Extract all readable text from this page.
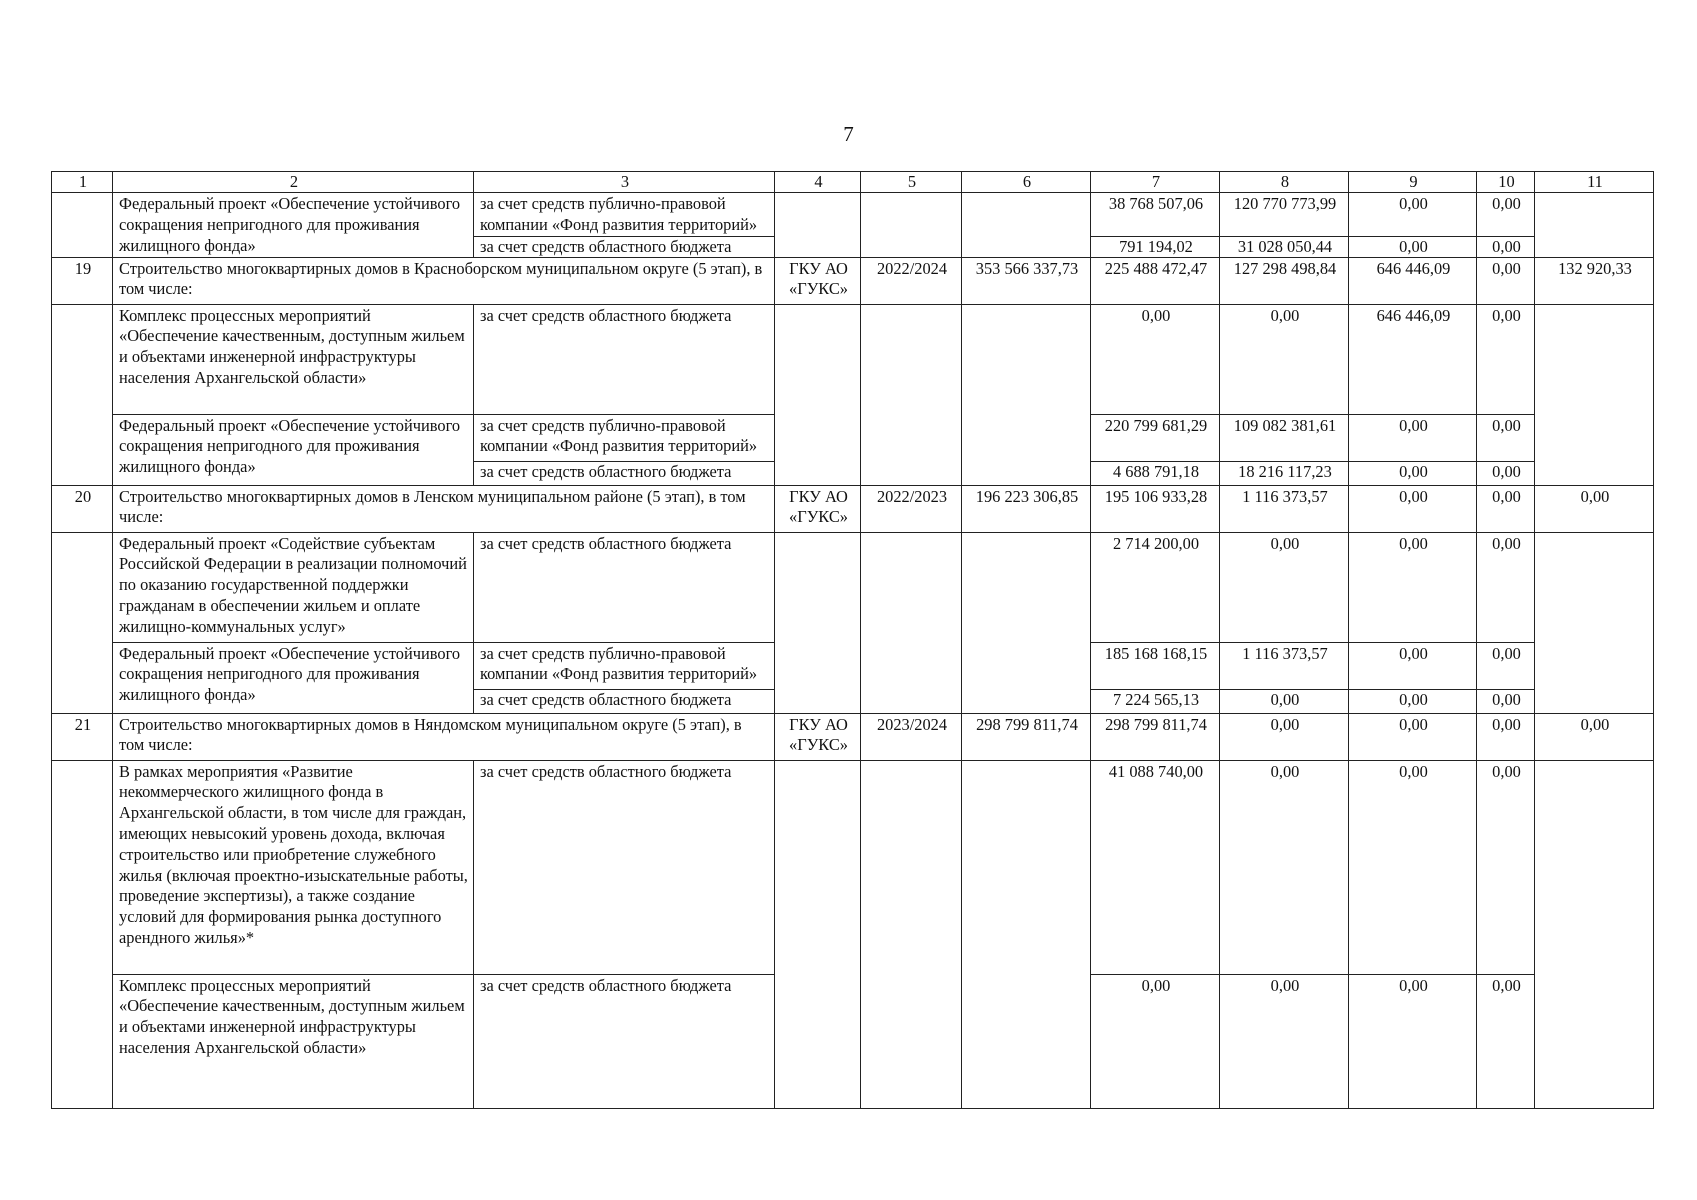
7
1	2	3	4	5	6	7	8	9	10	11
	Федеральный проект «Обеспечение устойчивого сокращения непригодного для проживания жилищного фонда»	за счет средств публично-правовой компании «Фонд развития территорий»				38 768 507,06	120 770 773,99	0,00	0,00	
		за счет средств областного бюджета				791 194,02	31 028 050,44	0,00	0,00	
19	Строительство многоквартирных домов в Красноборском муниципальном округе (5 этап), в том числе:		ГКУ АО «ГУКС»	2022/2024	353 566 337,73	225 488 472,47	127 298 498,84	646 446,09	0,00	132 920,33
	Комплекс процессных мероприятий «Обеспечение качественным, доступным жильем и объектами инженерной инфраструктуры населения Архангельской области»	за счет средств областного бюджета				0,00	0,00	646 446,09	0,00	
	Федеральный проект «Обеспечение устойчивого сокращения непригодного для проживания жилищного фонда»	за счет средств публично-правовой компании «Фонд развития территорий»				220 799 681,29	109 082 381,61	0,00	0,00	
		за счет средств областного бюджета				4 688 791,18	18 216 117,23	0,00	0,00	
20	Строительство многоквартирных домов в Ленском муниципальном районе (5 этап), в том числе:		ГКУ АО «ГУКС»	2022/2023	196 223 306,85	195 106 933,28	1 116 373,57	0,00	0,00	0,00
	Федеральный проект «Содействие субъектам Российской Федерации в реализации полномочий по оказанию государственной поддержки гражданам в обеспечении жильем и оплате жилищно-коммунальных услуг»	за счет средств областного бюджета				2 714 200,00	0,00	0,00	0,00	
	Федеральный проект «Обеспечение устойчивого сокращения непригодного для проживания жилищного фонда»	за счет средств публично-правовой компании «Фонд развития территорий»				185 168 168,15	1 116 373,57	0,00	0,00	
		за счет средств областного бюджета				7 224 565,13	0,00	0,00	0,00	
21	Строительство многоквартирных домов в Няндомском муниципальном округе (5 этап), в том числе:		ГКУ АО «ГУКС»	2023/2024	298 799 811,74	298 799 811,74	0,00	0,00	0,00	0,00
	В рамках мероприятия «Развитие некоммерческого жилищного фонда в Архангельской области, в том числе для граждан, имеющих невысокий уровень дохода, включая строительство или приобретение служебного жилья (включая проектно-изыскательные работы, проведение экспертизы), а также создание условий для формирования рынка доступного арендного жилья»*	за счет средств областного бюджета				41 088 740,00	0,00	0,00	0,00	
	Комплекс процессных мероприятий «Обеспечение качественным, доступным жильем и объектами инженерной инфраструктуры населения Архангельской области»	за счет средств областного бюджета				0,00	0,00	0,00	0,00	
